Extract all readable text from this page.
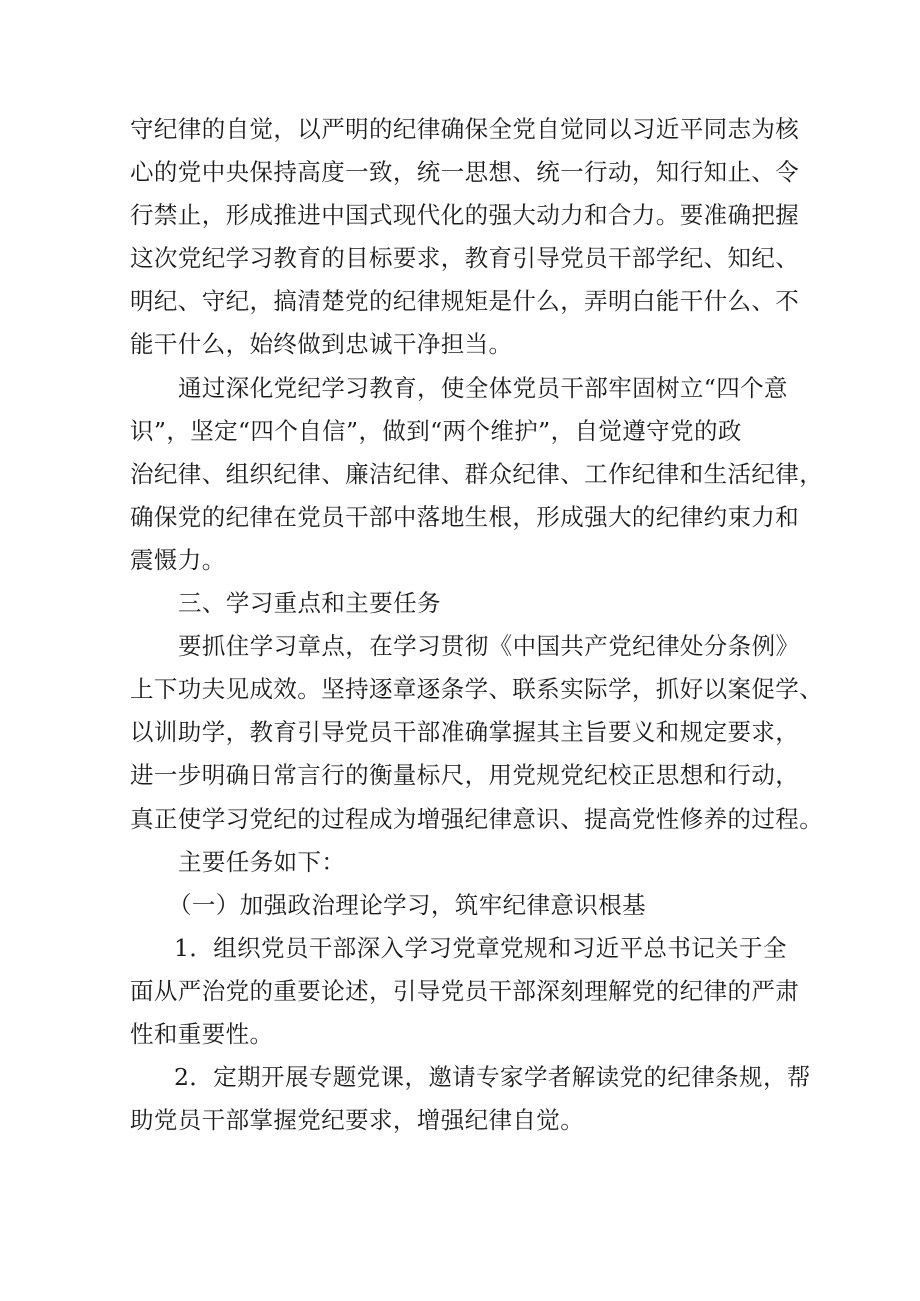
守纪律的自觉，以严明的纪律确保全党自觉同以习近平同志为核
心的党中央保持高度一致，统一思想、统一行动，知行知止、令
行禁止，形成推进中国式现代化的强大动力和合力。要准确把握
这次党纪学习教育的目标要求，教育引导党员干部学纪、知纪、
明纪、守纪，搞清楚党的纪律规矩是什么，弄明白能干什么、不
能干什么，始终做到忠诚干净担当。
通过深化党纪学习教育，使全体党员干部牢固树立“四个意
识”，坚定“四个自信”，做到“两个维护”，自觉遵守党的政
治纪律、组织纪律、廉洁纪律、群众纪律、工作纪律和生活纪律，
确保党的纪律在党员干部中落地生根，形成强大的纪律约束力和
震慑力。
三、学习重点和主要任务
要抓住学习章点，在学习贯彻《中国共产党纪律处分条例》
上下功夫见成效。坚持逐章逐条学、联系实际学，抓好以案促学、
以训助学，教育引导党员干部准确掌握其主旨要义和规定要求，
进一步明确日常言行的衡量标尺，用党规党纪校正思想和行动，
真正使学习党纪的过程成为增强纪律意识、提高党性修养的过程。
主要任务如下：
（一）加强政治理论学习，筑牢纪律意识根基
1．组织党员干部深入学习党章党规和习近平总书记关于全
面从严治党的重要论述，引导党员干部深刻理解党的纪律的严肃
性和重要性。
2．定期开展专题党课，邀请专家学者解读党的纪律条规，帮
助党员干部掌握党纪要求，增强纪律自觉。
